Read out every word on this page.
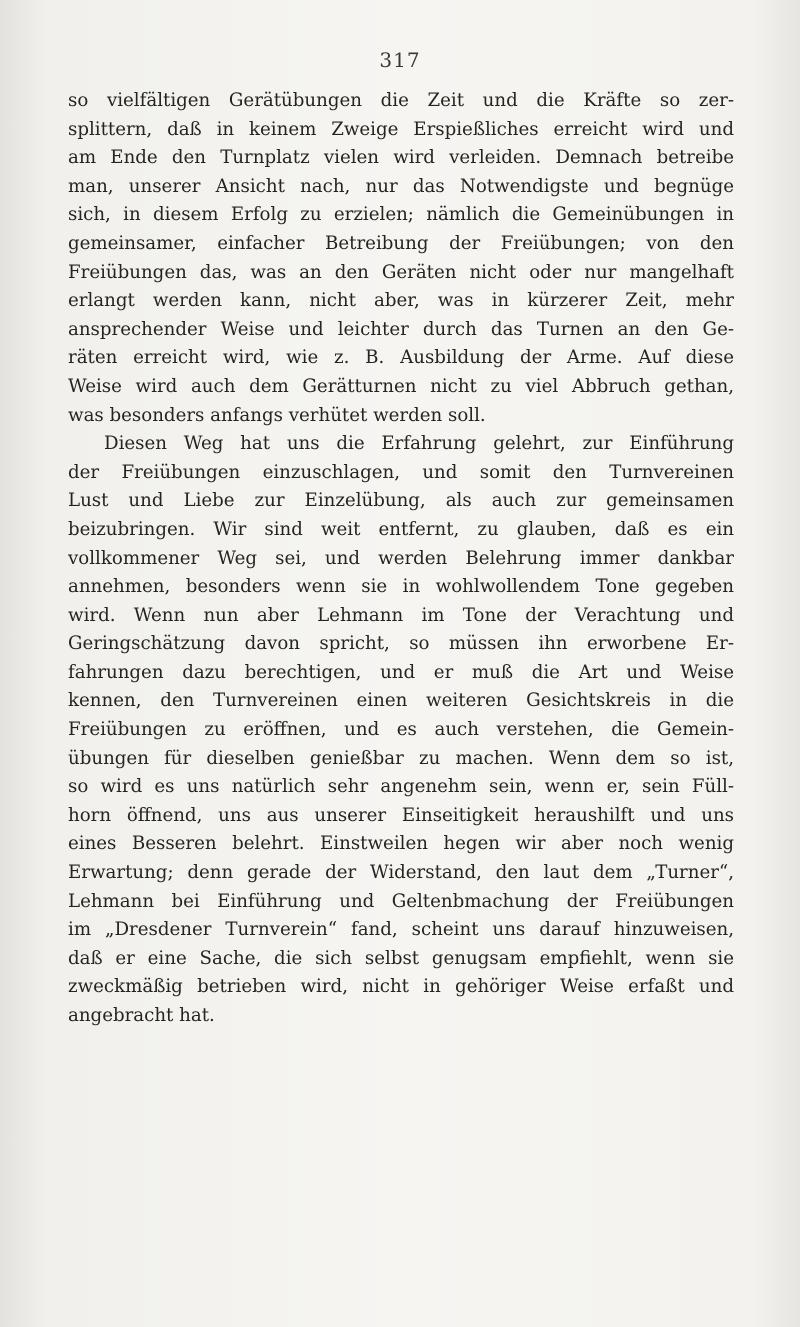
317
so vielfältigen Gerätübungen die Zeit und die Kräfte so zer-
splittern, daß in keinem Zweige Erspießliches erreicht wird und
am Ende den Turnplatz vielen wird verleiden. Demnach betreibe
man, unserer Ansicht nach, nur das Notwendigste und begnüge
sich, in diesem Erfolg zu erzielen; nämlich die Gemeinübungen in
gemeinsamer, einfacher Betreibung der Freiübungen; von den
Freiübungen das, was an den Geräten nicht oder nur mangelhaft
erlangt werden kann, nicht aber, was in kürzerer Zeit, mehr
ansprechender Weise und leichter durch das Turnen an den Ge-
räten erreicht wird, wie z. B. Ausbildung der Arme. Auf diese
Weise wird auch dem Gerätturnen nicht zu viel Abbruch gethan,
was besonders anfangs verhütet werden soll.
Diesen Weg hat uns die Erfahrung gelehrt, zur Einführung
der Freiübungen einzuschlagen, und somit den Turnvereinen
Lust und Liebe zur Einzelübung, als auch zur gemeinsamen
beizubringen. Wir sind weit entfernt, zu glauben, daß es ein
vollkommener Weg sei, und werden Belehrung immer dankbar
annehmen, besonders wenn sie in wohlwollendem Tone gegeben
wird. Wenn nun aber Lehmann im Tone der Verachtung und
Geringschätzung davon spricht, so müssen ihn erworbene Er-
fahrungen dazu berechtigen, und er muß die Art und Weise
kennen, den Turnvereinen einen weiteren Gesichtskreis in die
Freiübungen zu eröffnen, und es auch verstehen, die Gemein-
übungen für dieselben genießbar zu machen. Wenn dem so ist,
so wird es uns natürlich sehr angenehm sein, wenn er, sein Füll-
horn öffnend, uns aus unserer Einseitigkeit heraushilft und uns
eines Besseren belehrt. Einstweilen hegen wir aber noch wenig
Erwartung; denn gerade der Widerstand, den laut dem „Turner“,
Lehmann bei Einführung und Geltenbmachung der Freiübungen
im „Dresdener Turnverein“ fand, scheint uns darauf hinzuweisen,
daß er eine Sache, die sich selbst genugsam empfiehlt, wenn sie
zweckmäßig betrieben wird, nicht in gehöriger Weise erfaßt und
angebracht hat.
